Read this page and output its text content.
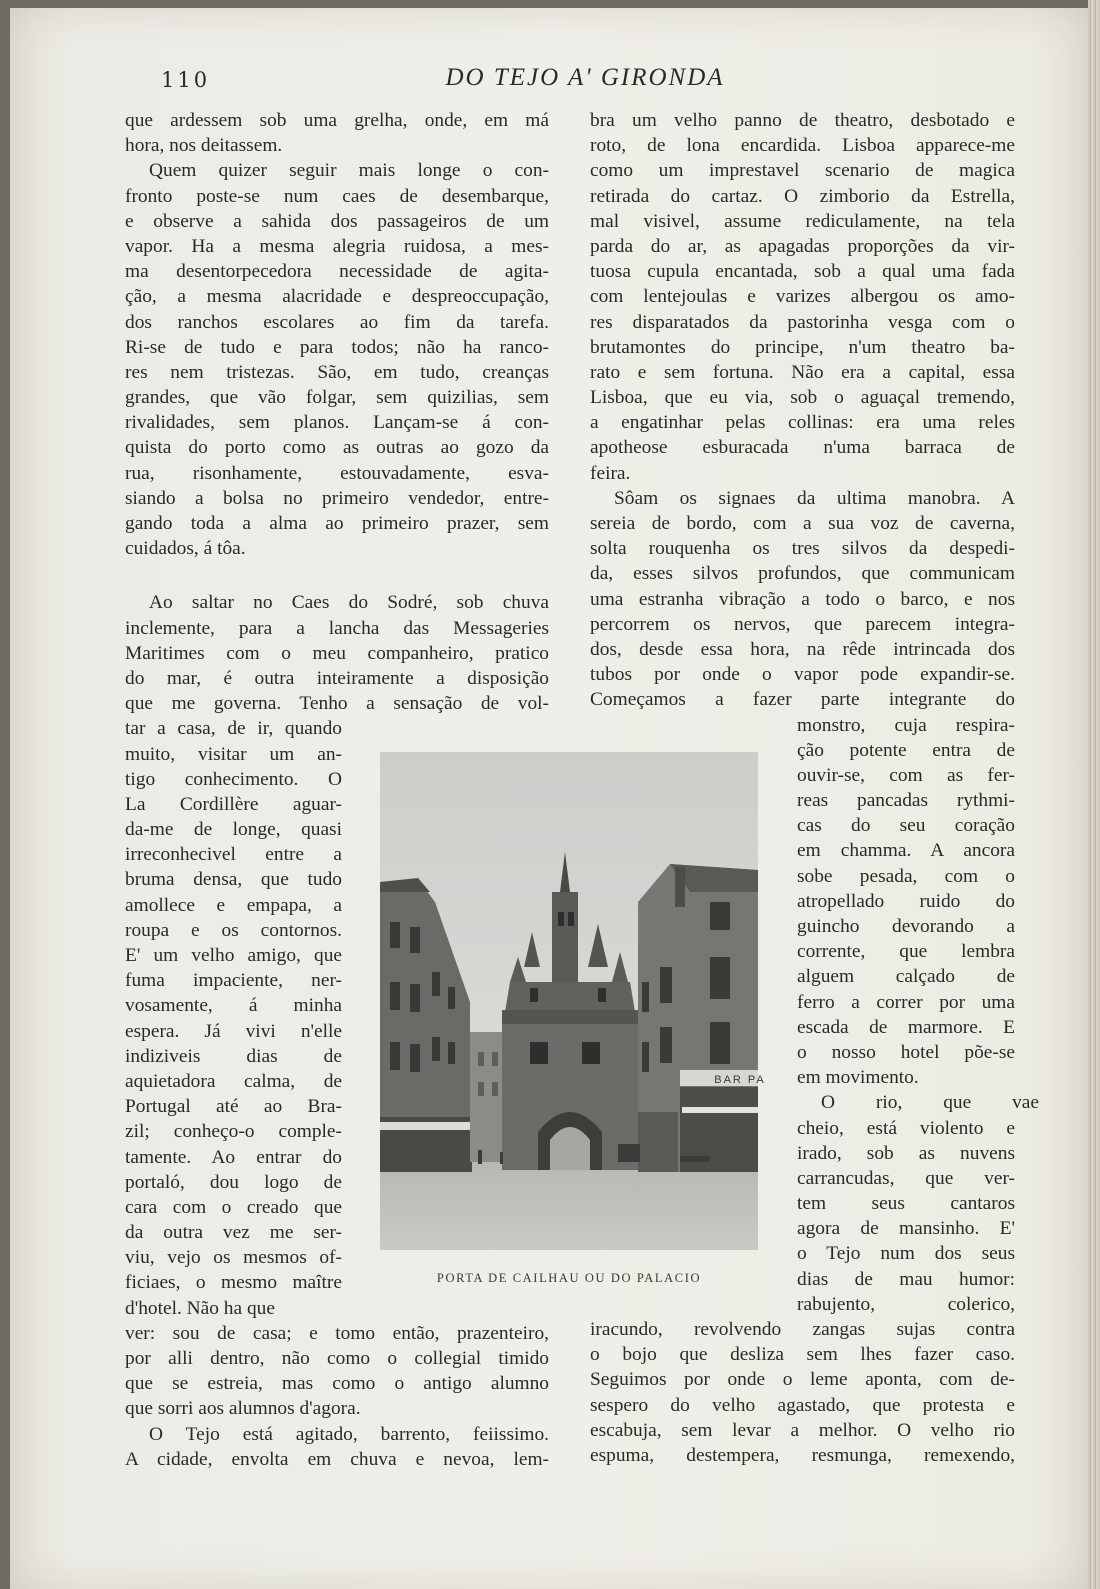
110	DO TEJO A' GIRONDA
que ardessem sob uma grelha, onde, em má
hora, nos deitassem.
Quem quizer seguir mais longe o con-
fronto poste-se num caes de desembarque,
e observe a sahida dos passageiros de um
vapor. Ha a mesma alegria ruidosa, a mes-
ma desentorpecedora necessidade de agita-
ção, a mesma alacridade e despreoccupação,
dos ranchos escolares ao fim da tarefa.
Ri-se de tudo e para todos; não ha ranco-
res nem tristezas. São, em tudo, creanças
grandes, que vão folgar, sem quizilias, sem
rivalidades, sem planos. Lançam-se á con-
quista do porto como as outras ao gozo da
rua, risonhamente, estouvadamente, esva-
siando a bolsa no primeiro vendedor, entre-
gando toda a alma ao primeiro prazer, sem
cuidados, á tôa.
Ao saltar no Caes do Sodré, sob chuva
inclemente, para a lancha das Messageries
Maritimes com o meu companheiro, pratico
do mar, é outra inteiramente a disposição
que me governa. Tenho a sensação de vol-
tar a casa, de ir, quando
muito, visitar um an-
tigo conhecimento. O
La Cordillère aguar-
da-me de longe, quasi
irreconhecivel entre a
bruma densa, que tudo
amollece e empapa, a
roupa e os contornos.
E' um velho amigo, que
fuma impaciente, ner-
vosamente, á minha
espera. Já vivi n'elle
indiziveis dias de
aquietadora calma, de
Portugal até ao Bra-
zil; conheço-o comple-
tamente. Ao entrar do
portaló, dou logo de
cara com o creado que
da outra vez me ser-
viu, vejo os mesmos of-
ficiaes, o mesmo maître
d'hotel. Não ha que
ver: sou de casa; e tomo então, prazenteiro,
por alli dentro, não como o collegial timido
que se estreia, mas como o antigo alumno
que sorri aos alumnos d'agora.
O Tejo está agitado, barrento, feiissimo.
A cidade, envolta em chuva e nevoa, lem-
bra um velho panno de theatro, desbotado e
roto, de lona encardida. Lisboa apparece-me
como um imprestavel scenario de magica
retirada do cartaz. O zimborio da Estrella,
mal visivel, assume rediculamente, na tela
parda do ar, as apagadas proporções da vir-
tuosa cupula encantada, sob a qual uma fada
com lentejoulas e varizes albergou os amo-
res disparatados da pastorinha vesga com o
brutamontes do principe, n'um theatro ba-
rato e sem fortuna. Não era a capital, essa
Lisboa, que eu via, sob o aguaçal tremendo,
a engatinhar pelas collinas: era uma reles
apotheose esburacada n'uma barraca de
feira.
Sôam os signaes da ultima manobra. A
sereia de bordo, com a sua voz de caverna,
solta rouquenha os tres silvos da despedi-
da, esses silvos profundos, que communicam
uma estranha vibração a todo o barco, e nos
percorrem os nervos, que parecem integra-
dos, desde essa hora, na rêde intrincada dos
tubos por onde o vapor pode expandir-se.
Começamos a fazer parte integrante do
monstro, cuja respira-
ção potente entra de
ouvir-se, com as fer-
reas pancadas rythmi-
cas do seu coração
em chamma. A ancora
sobe pesada, com o
atropellado ruido do
guincho devorando a
corrente, que lembra
alguem calçado de
ferro a correr por uma
escada de marmore. E
o nosso hotel põe-se
em movimento.
O rio, que vae
cheio, está violento e
irado, sob as nuvens
carrancudas, que ver-
tem seus cantaros
agora de mansinho. E'
o Tejo num dos seus
dias de mau humor:
rabujento, colerico,
iracundo, revolvendo zangas sujas contra
o bojo que desliza sem lhes fazer caso.
Seguimos por onde o leme aponta, com de-
sespero do velho agastado, que protesta e
escabuja, sem levar a melhor. O velho rio
espuma, destempera, resmunga, remexendo,
BAR PA
PORTA DE CAILHAU OU DO PALACIO
